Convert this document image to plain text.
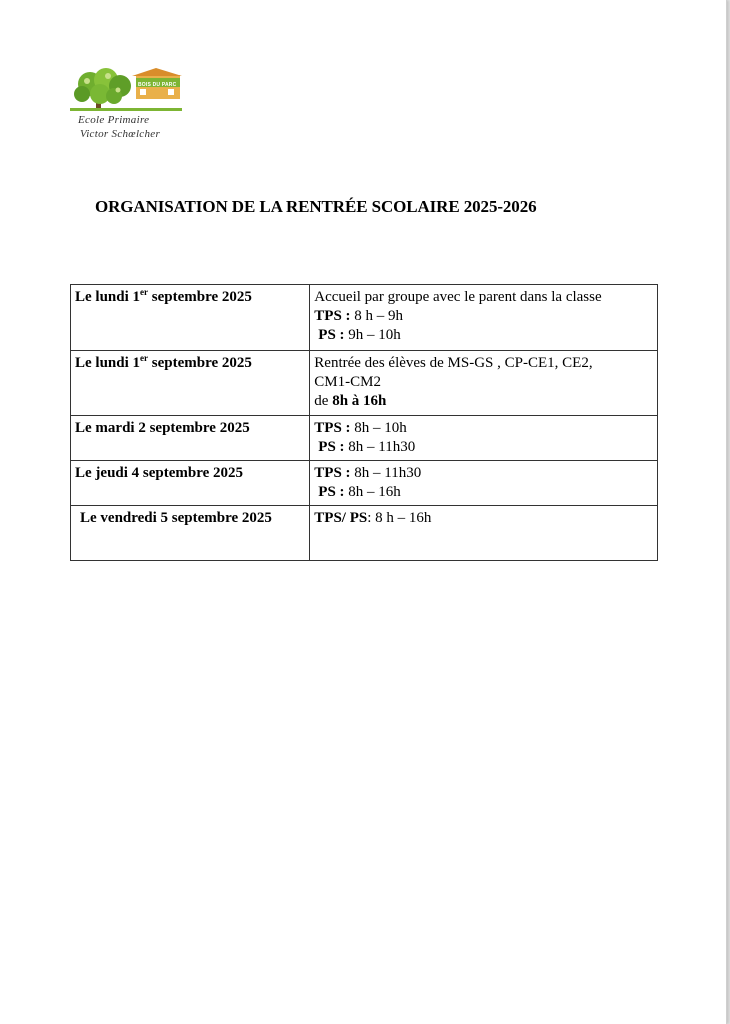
BOIS DU PARC
Ecole Primaire
Victor Schœlcher
ORGANISATION DE LA RENTRÉE SCOLAIRE 2025-2026
Le lundi 1er septembre 2025	Accueil par groupe avec le parent dans la classe
TPS : 8 h – 9h
PS : 9h – 10h

Le lundi 1er septembre 2025	Rentrée des élèves de MS-GS , CP-CE1, CE2,
CM1-CM2
de 8h à 16h

Le mardi 2 septembre 2025	TPS : 8h – 10h
PS : 8h – 11h30

Le jeudi 4 septembre 2025	TPS : 8h – 11h30
PS : 8h – 16h

Le vendredi 5 septembre 2025	TPS/ PS: 8 h – 16h
